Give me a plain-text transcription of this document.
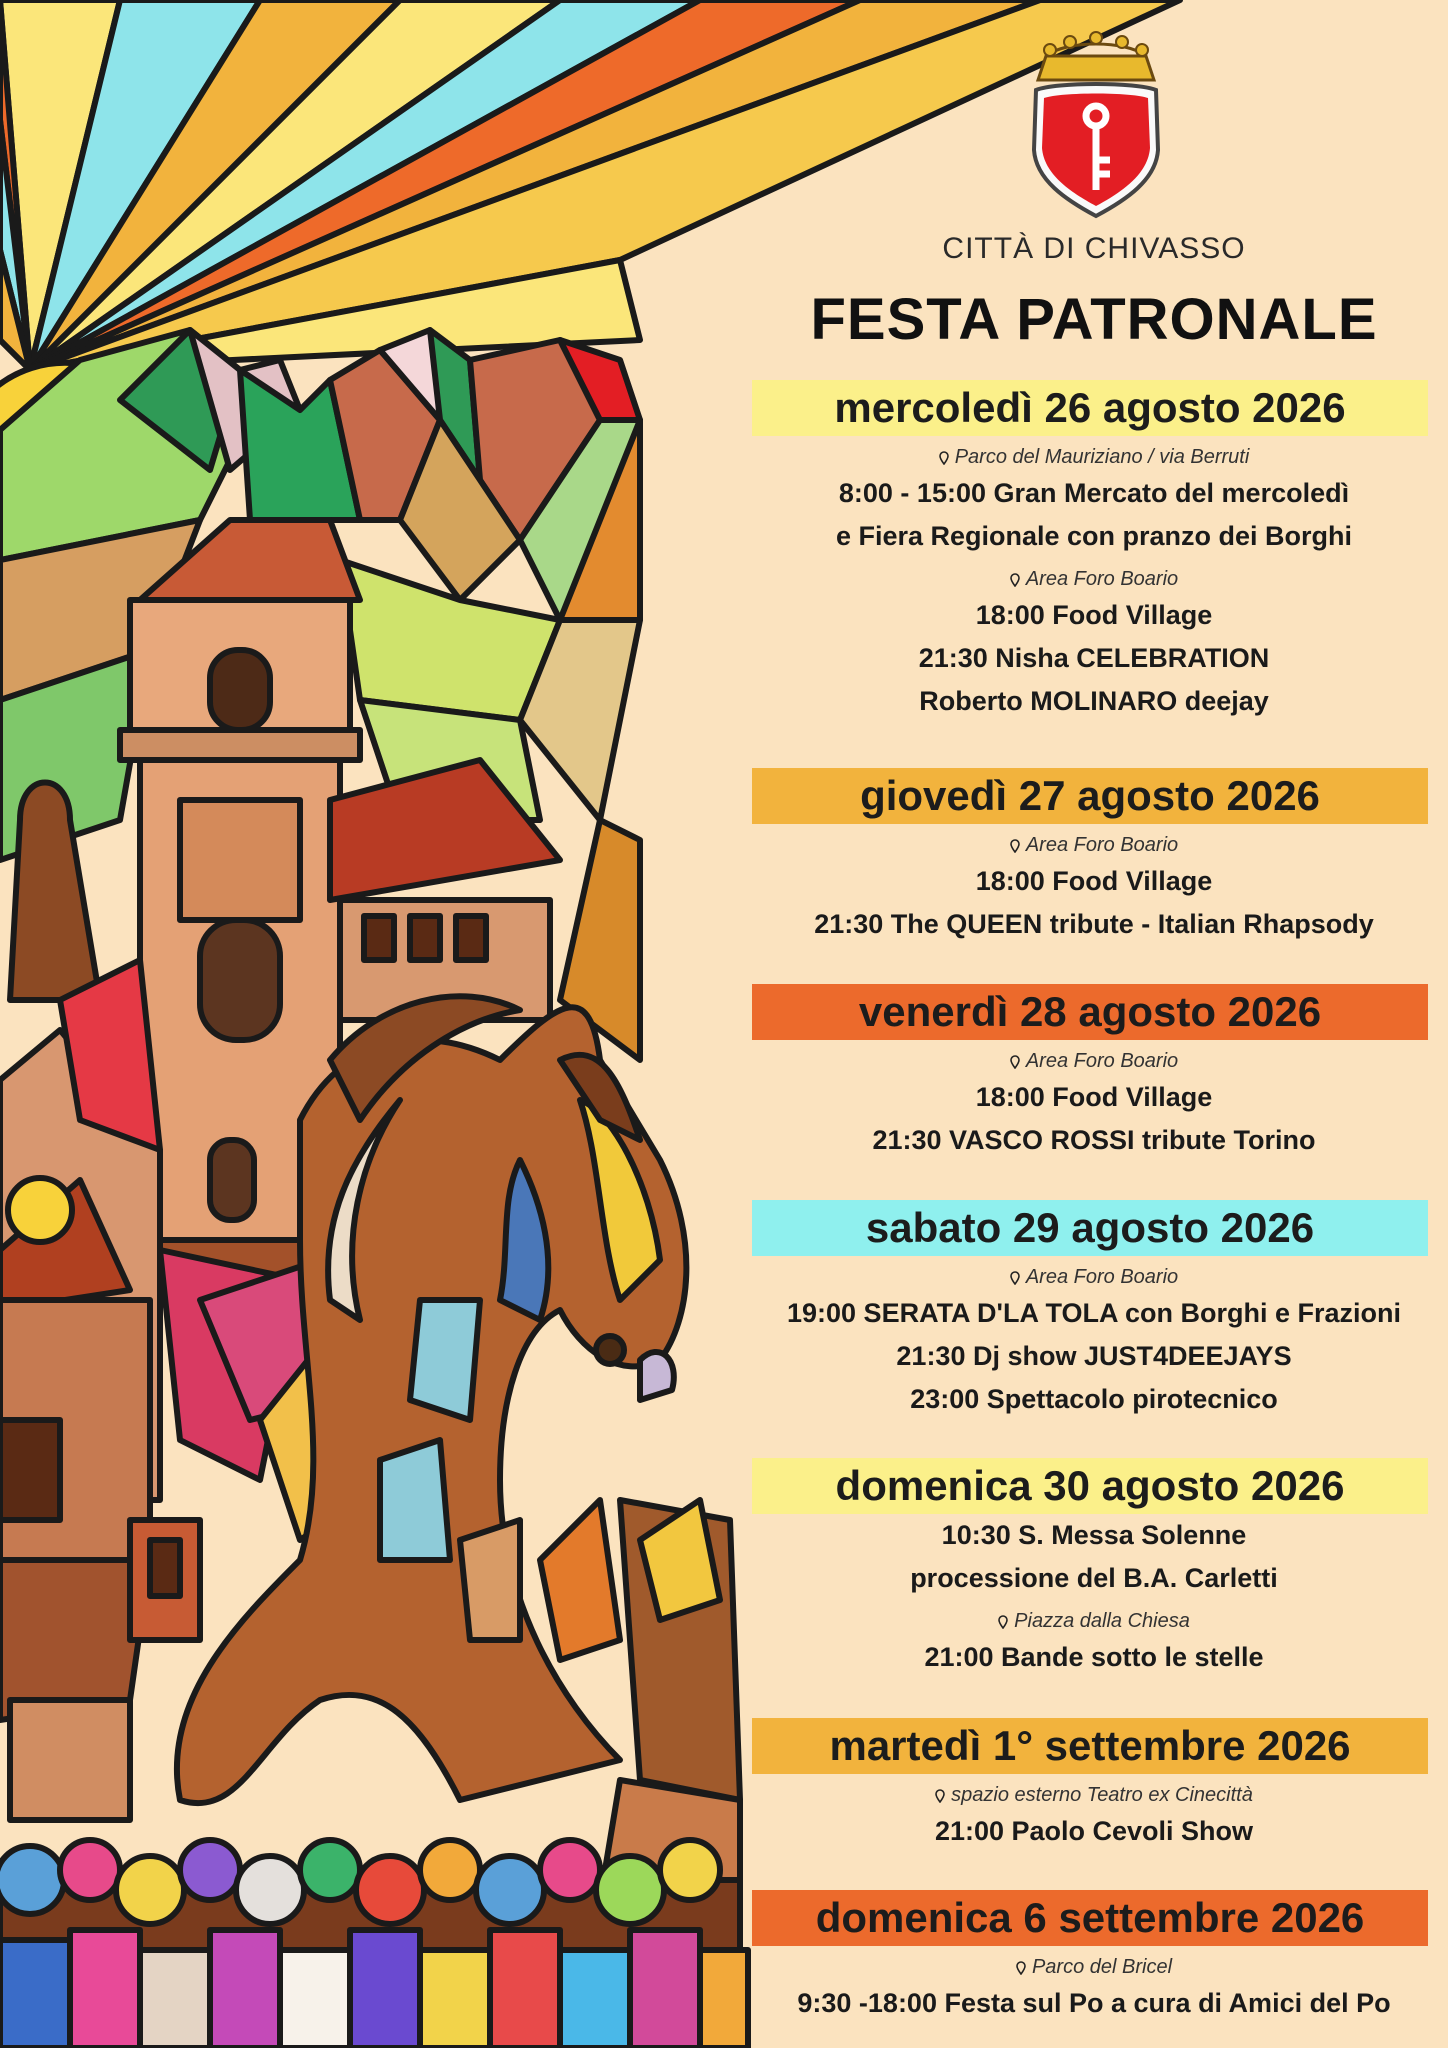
CITTÀ DI CHIVASSO
FESTA PATRONALE
mercoledì 26 agosto 2026
Parco del Mauriziano / via Berruti
8:00 - 15:00 Gran Mercato del mercoledì
e Fiera Regionale con pranzo dei Borghi
Area Foro Boario
18:00 Food Village
21:30 Nisha CELEBRATION
Roberto MOLINARO deejay
giovedì 27 agosto 2026
Area Foro Boario
18:00 Food Village
21:30 The QUEEN tribute - Italian Rhapsody
venerdì 28 agosto 2026
Area Foro Boario
18:00 Food Village
21:30 VASCO ROSSI tribute Torino
sabato 29 agosto 2026
Area Foro Boario
19:00 SERATA D'LA TOLA con Borghi e Frazioni
21:30 Dj show JUST4DEEJAYS
23:00 Spettacolo pirotecnico
domenica 30 agosto 2026
10:30 S. Messa Solenne
processione del B.A. Carletti
Piazza dalla Chiesa
21:00 Bande sotto le stelle
martedì 1° settembre 2026
spazio esterno Teatro ex Cinecittà
21:00 Paolo Cevoli Show
domenica 6 settembre 2026
Parco del Bricel
9:30 -18:00 Festa sul Po a cura di Amici del Po
